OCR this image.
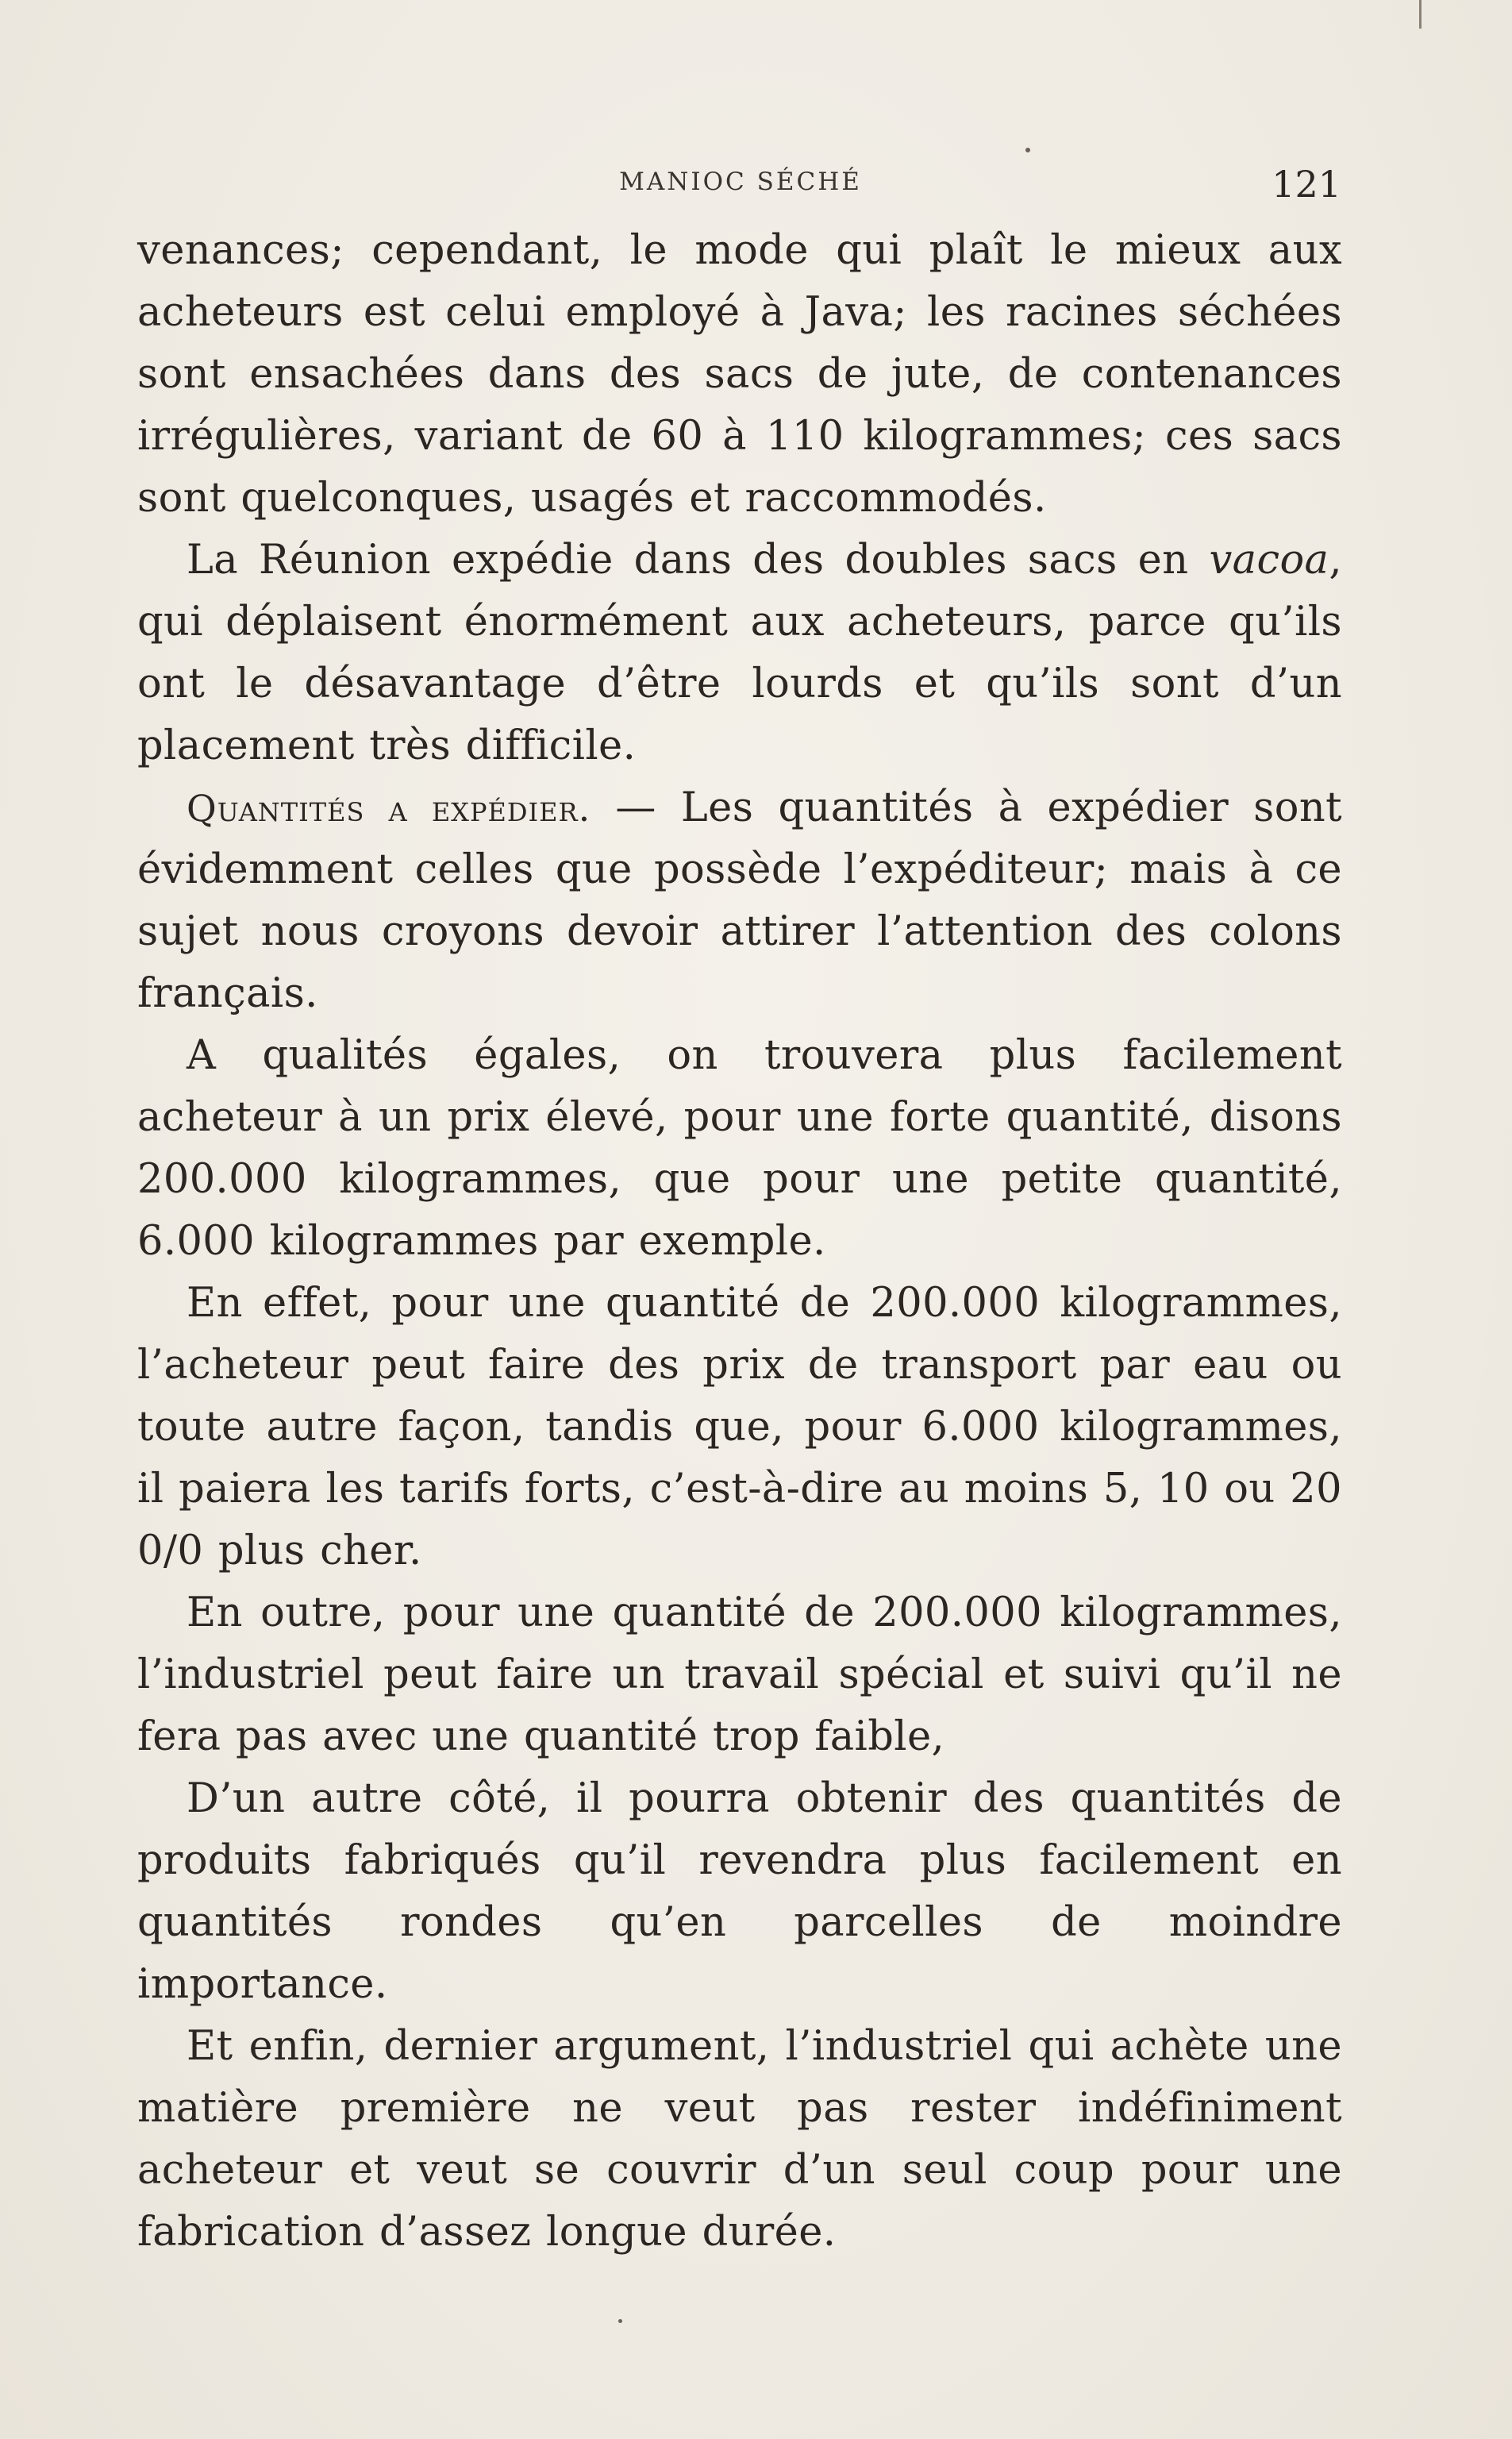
MANIOC SÉCHÉ	121

venances; cependant, le mode qui plaît le mieux aux acheteurs est celui employé à Java; les racines séchées sont ensachées dans des sacs de jute, de contenances irrégulières, variant de 60 à 110 kilogrammes; ces sacs sont quelconques, usagés et raccommodés.

La Réunion expédie dans des doubles sacs en vacoa, qui déplaisent énormément aux acheteurs, parce qu’ils ont le désavantage d’être lourds et qu’ils sont d’un placement très difficile.

Quantités a expédier. — Les quantités à expédier sont évidemment celles que possède l’expéditeur; mais à ce sujet nous croyons devoir attirer l’attention des colons français.

A qualités égales, on trouvera plus facilement acheteur à un prix élevé, pour une forte quantité, disons 200.000 kilogrammes, que pour une petite quantité, 6.000 kilogrammes par exemple.

En effet, pour une quantité de 200.000 kilogrammes, l’acheteur peut faire des prix de transport par eau ou toute autre façon, tandis que, pour 6.000 kilogrammes, il paiera les tarifs forts, c’est-à-dire au moins 5, 10 ou 20 0/0 plus cher.

En outre, pour une quantité de 200.000 kilogrammes, l’industriel peut faire un travail spécial et suivi qu’il ne fera pas avec une quantité trop faible,

D’un autre côté, il pourra obtenir des quantités de produits fabriqués qu’il revendra plus facilement en quantités rondes qu’en parcelles de moindre importance.

Et enfin, dernier argument, l’industriel qui achète une matière première ne veut pas rester indéfiniment acheteur et veut se couvrir d’un seul coup pour une fabrication d’assez longue durée.
